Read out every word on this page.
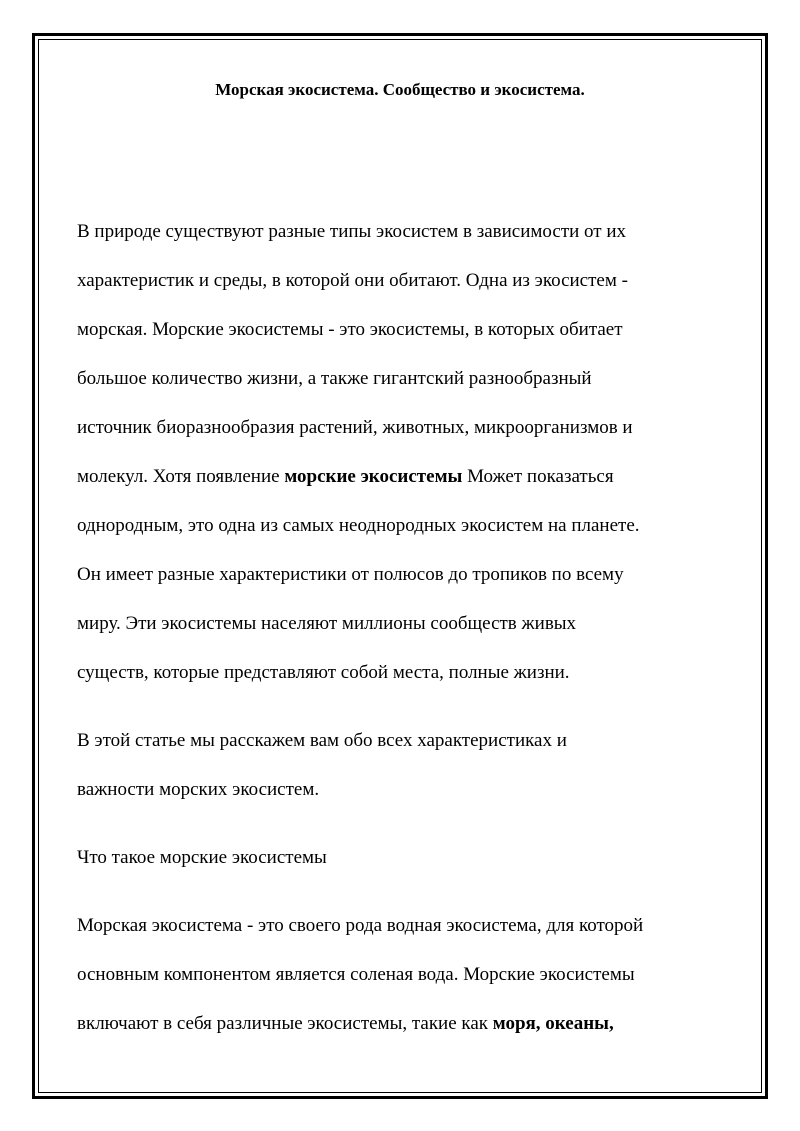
Морская экосистема. Сообщество и экосистема.

В природе существуют разные типы экосистем в зависимости от их
характеристик и среды, в которой они обитают. Одна из экосистем -
морская. Морские экосистемы - это экосистемы, в которых обитает
большое количество жизни, а также гигантский разнообразный
источник биоразнообразия растений, животных, микроорганизмов и
молекул. Хотя появление морские экосистемы Может показаться
однородным, это одна из самых неоднородных экосистем на планете.
Он имеет разные характеристики от полюсов до тропиков по всему
миру. Эти экосистемы населяют миллионы сообществ живых
существ, которые представляют собой места, полные жизни.

В этой статье мы расскажем вам обо всех характеристиках и
важности морских экосистем.

Что такое морские экосистемы

Морская экосистема - это своего рода водная экосистема, для которой
основным компонентом является соленая вода. Морские экосистемы
включают в себя различные экосистемы, такие как моря, океаны,
